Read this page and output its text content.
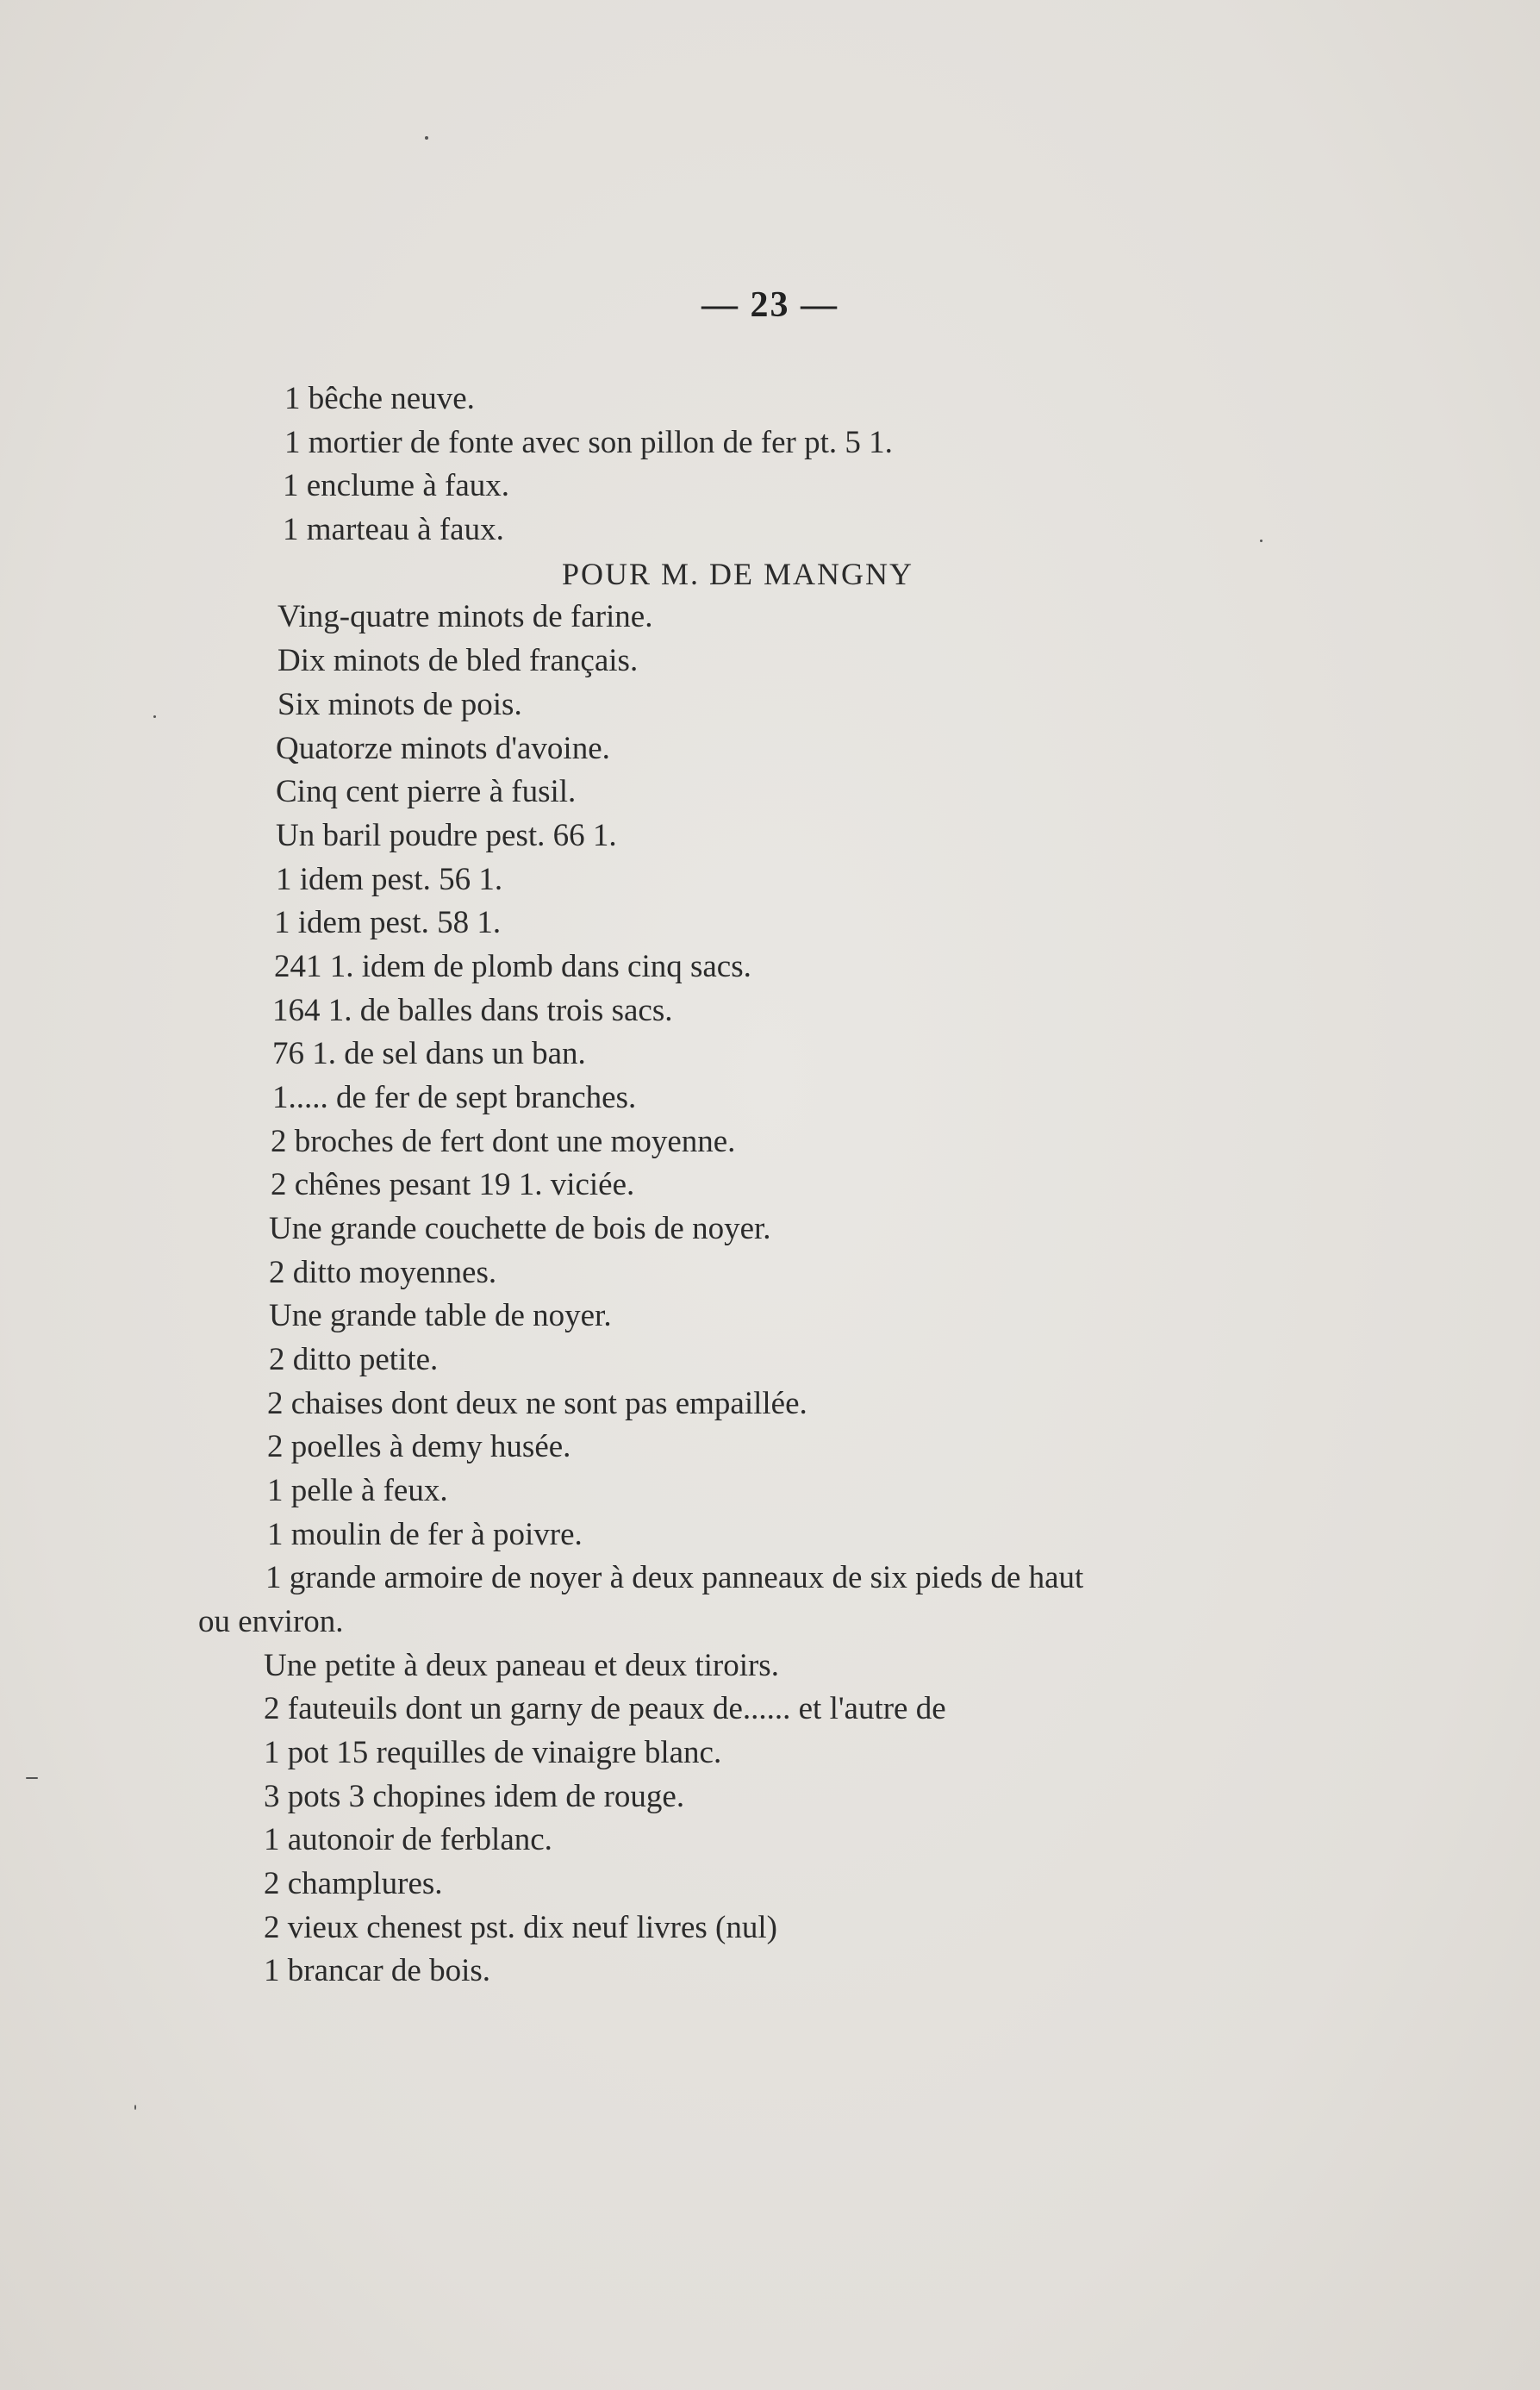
— 23 —
1 bêche neuve.
1 mortier de fonte avec son pillon de fer pt. 5 1.
1 enclume à faux.
1 marteau à faux.
POUR M. DE MANGNY
Ving-quatre minots de farine.
Dix minots de bled français.
Six minots de pois.
Quatorze minots d'avoine.
Cinq cent pierre à fusil.
Un baril poudre pest. 66 1.
1 idem pest. 56 1.
1 idem pest. 58 1.
241 1. idem de plomb dans cinq sacs.
164 1. de balles dans trois sacs.
76 1. de sel dans un ban.
1..... de fer de sept branches.
2 broches de fert dont une moyenne.
2 chênes pesant 19 1. viciée.
Une grande couchette de bois de noyer.
2 ditto moyennes.
Une grande table de noyer.
2 ditto petite.
2 chaises dont deux ne sont pas empaillée.
2 poelles à demy husée.
1 pelle à feux.
1 moulin de fer à poivre.
1 grande armoire de noyer à deux panneaux de six pieds de haut
ou environ.
Une petite à deux paneau et deux tiroirs.
2 fauteuils dont un garny de peaux de...... et l'autre de
1 pot 15 requilles de vinaigre blanc.
3 pots 3 chopines idem de rouge.
1 autonoir de ferblanc.
2 champlures.
2 vieux chenest pst. dix neuf livres (nul)
1 brancar de bois.
